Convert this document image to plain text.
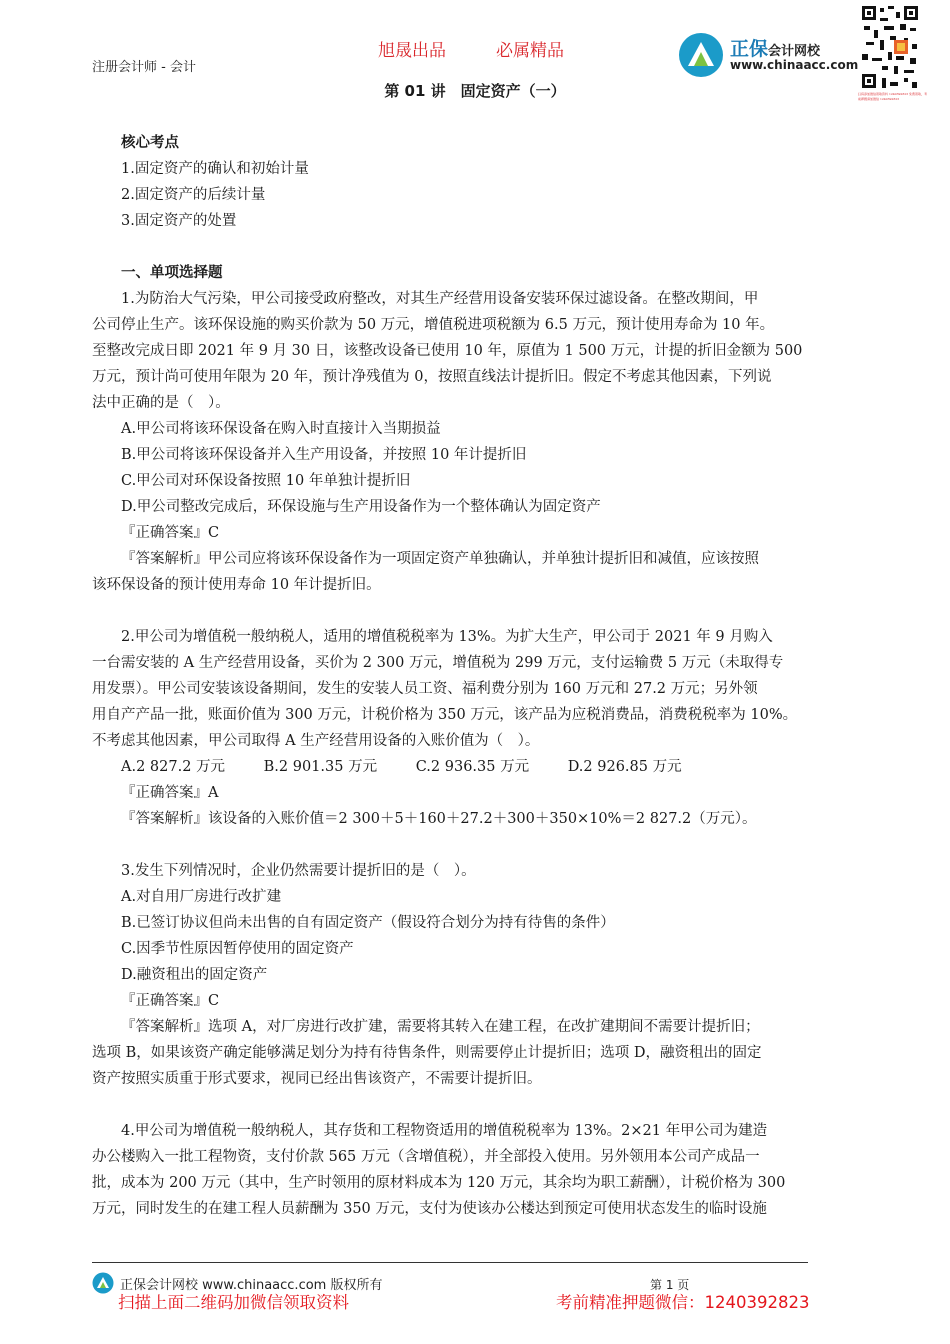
注册会计师 - 会计
旭晟出品	必属精品	正保会计网校
www.chinaacc.com
扫码添加微信领取资料 1240392823 免费领取，考前押题请加微信 1240392823
第 01 讲　固定资产（一）
核心考点
1.固定资产的确认和初始计量
2.固定资产的后续计量
3.固定资产的处置
一、单项选择题
1.为防治大气污染，甲公司接受政府整改，对其生产经营用设备安装环保过滤设备。在整改期间，甲
公司停止生产。该环保设施的购买价款为 50 万元，增值税进项税额为 6.5 万元，预计使用寿命为 10 年。
至整改完成日即 2021 年 9 月 30 日，该整改设备已使用 10 年，原值为 1 500 万元，计提的折旧金额为 500
万元，预计尚可使用年限为 20 年，预计净残值为 0，按照直线法计提折旧。假定不考虑其他因素，下列说
法中正确的是（　）。
A.甲公司将该环保设备在购入时直接计入当期损益
B.甲公司将该环保设备并入生产用设备，并按照 10 年计提折旧
C.甲公司对环保设备按照 10 年单独计提折旧
D.甲公司整改完成后，环保设施与生产用设备作为一个整体确认为固定资产
『正确答案』C
『答案解析』甲公司应将该环保设备作为一项固定资产单独确认，并单独计提折旧和减值，应该按照
该环保设备的预计使用寿命 10 年计提折旧。
2.甲公司为增值税一般纳税人，适用的增值税税率为 13%。为扩大生产，甲公司于 2021 年 9 月购入
一台需安装的 A 生产经营用设备，买价为 2 300 万元，增值税为 299 万元，支付运输费 5 万元（未取得专
用发票）。甲公司安装该设备期间，发生的安装人员工资、福利费分别为 160 万元和 27.2 万元；另外领
用自产产品一批，账面价值为 300 万元，计税价格为 350 万元，该产品为应税消费品，消费税税率为 10%。
不考虑其他因素，甲公司取得 A 生产经营用设备的入账价值为（　）。
A.2 827.2 万元	B.2 901.35 万元	C.2 936.35 万元	D.2 926.85 万元
『正确答案』A
『答案解析』该设备的入账价值＝2 300＋5＋160＋27.2＋300＋350×10%＝2 827.2（万元）。
3.发生下列情况时，企业仍然需要计提折旧的是（　）。
A.对自用厂房进行改扩建
B.已签订协议但尚未出售的自有固定资产（假设符合划分为持有待售的条件）
C.因季节性原因暂停使用的固定资产
D.融资租出的固定资产
『正确答案』C
『答案解析』选项 A，对厂房进行改扩建，需要将其转入在建工程，在改扩建期间不需要计提折旧；
选项 B，如果该资产确定能够满足划分为持有待售条件，则需要停止计提折旧；选项 D，融资租出的固定
资产按照实质重于形式要求，视同已经出售该资产，不需要计提折旧。
4.甲公司为增值税一般纳税人，其存货和工程物资适用的增值税税率为 13%。2×21 年甲公司为建造
办公楼购入一批工程物资，支付价款 565 万元（含增值税），并全部投入使用。另外领用本公司产成品一
批，成本为 200 万元（其中，生产时领用的原材料成本为 120 万元，其余均为职工薪酬），计税价格为 300
万元，同时发生的在建工程人员薪酬为 350 万元，支付为使该办公楼达到预定可使用状态发生的临时设施
正保会计网校 www.chinaacc.com 版权所有	第 1 页
扫描上面二维码加微信领取资料	考前精准押题微信：1240392823
